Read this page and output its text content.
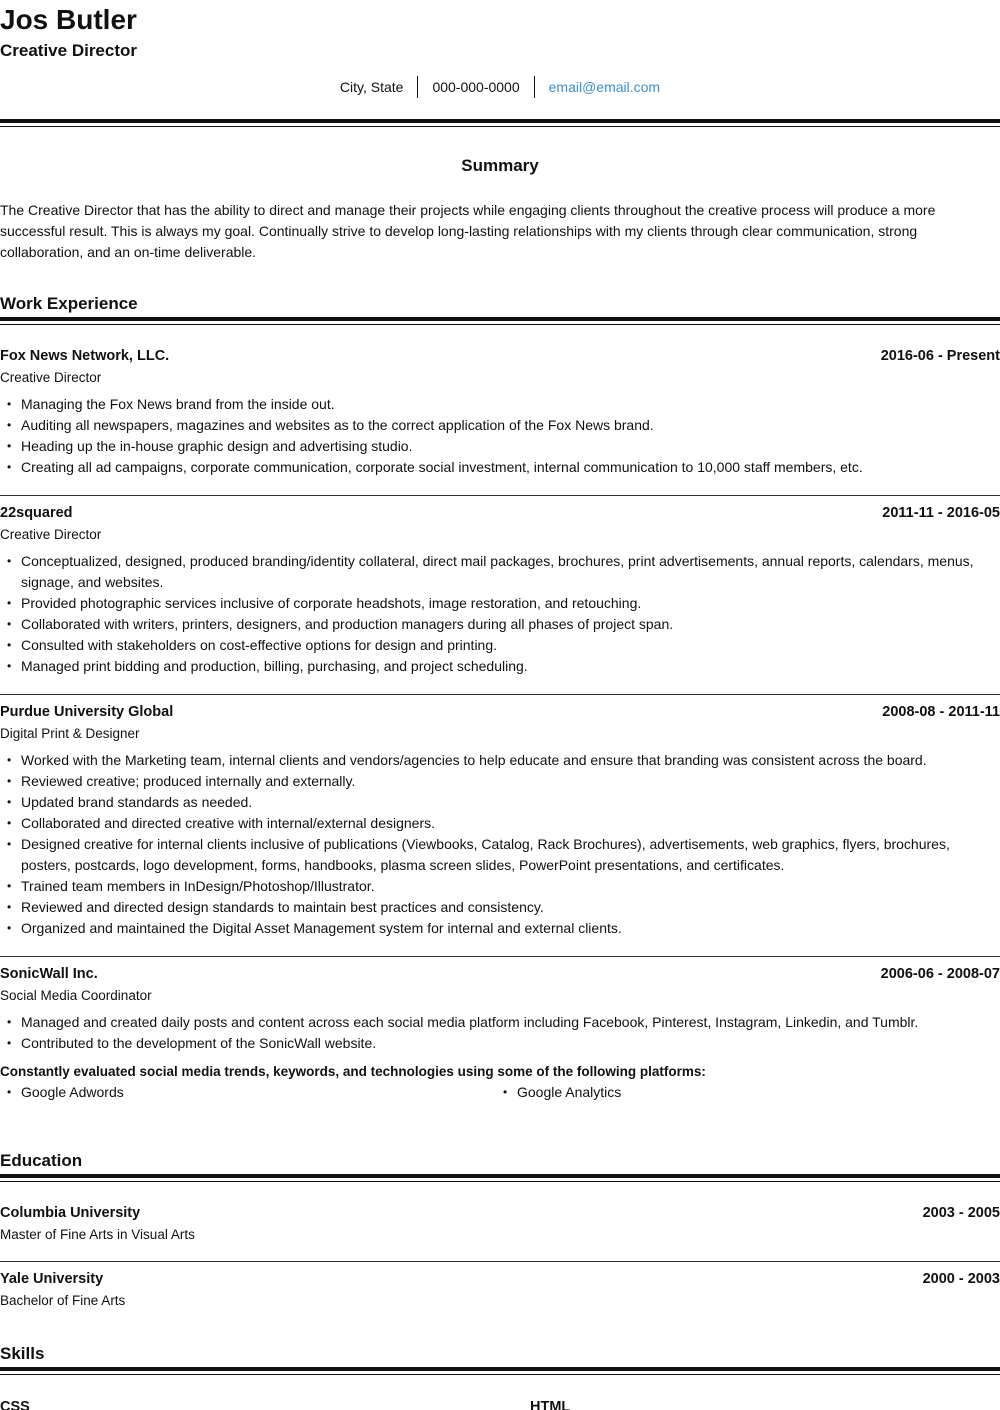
Jos Butler
Creative Director
City, State	000-000-0000	email@email.com
Summary
The Creative Director that has the ability to direct and manage their projects while engaging clients throughout the creative process will produce a more successful result. This is always my goal. Continually strive to develop long-lasting relationships with my clients through clear communication, strong collaboration, and an on-time deliverable.
Work Experience
Fox News Network, LLC.	2016-06 - Present
Creative Director
• Managing the Fox News brand from the inside out.
• Auditing all newspapers, magazines and websites as to the correct application of the Fox News brand.
• Heading up the in-house graphic design and advertising studio.
• Creating all ad campaigns, corporate communication, corporate social investment, internal communication to 10,000 staff members, etc.
22squared	2011-11 - 2016-05
Creative Director
• Conceptualized, designed, produced branding/identity collateral, direct mail packages, brochures, print advertisements, annual reports, calendars, menus, signage, and websites.
• Provided photographic services inclusive of corporate headshots, image restoration, and retouching.
• Collaborated with writers, printers, designers, and production managers during all phases of project span.
• Consulted with stakeholders on cost-effective options for design and printing.
• Managed print bidding and production, billing, purchasing, and project scheduling.
Purdue University Global	2008-08 - 2011-11
Digital Print & Designer
• Worked with the Marketing team, internal clients and vendors/agencies to help educate and ensure that branding was consistent across the board.
• Reviewed creative; produced internally and externally.
• Updated brand standards as needed.
• Collaborated and directed creative with internal/external designers.
• Designed creative for internal clients inclusive of publications (Viewbooks, Catalog, Rack Brochures), advertisements, web graphics, flyers, brochures, posters, postcards, logo development, forms, handbooks, plasma screen slides, PowerPoint presentations, and certificates.
• Trained team members in InDesign/Photoshop/Illustrator.
• Reviewed and directed design standards to maintain best practices and consistency.
• Organized and maintained the Digital Asset Management system for internal and external clients.
SonicWall Inc.	2006-06 - 2008-07
Social Media Coordinator
• Managed and created daily posts and content across each social media platform including Facebook, Pinterest, Instagram, Linkedin, and Tumblr.
• Contributed to the development of the SonicWall website.
Constantly evaluated social media trends, keywords, and technologies using some of the following platforms:
• Google Adwords
•	Google Analytics
Education
Columbia University	2003 - 2005
Master of Fine Arts in Visual Arts
Yale University	2000 - 2003
Bachelor of Fine Arts
Skills
CSS	HTML
